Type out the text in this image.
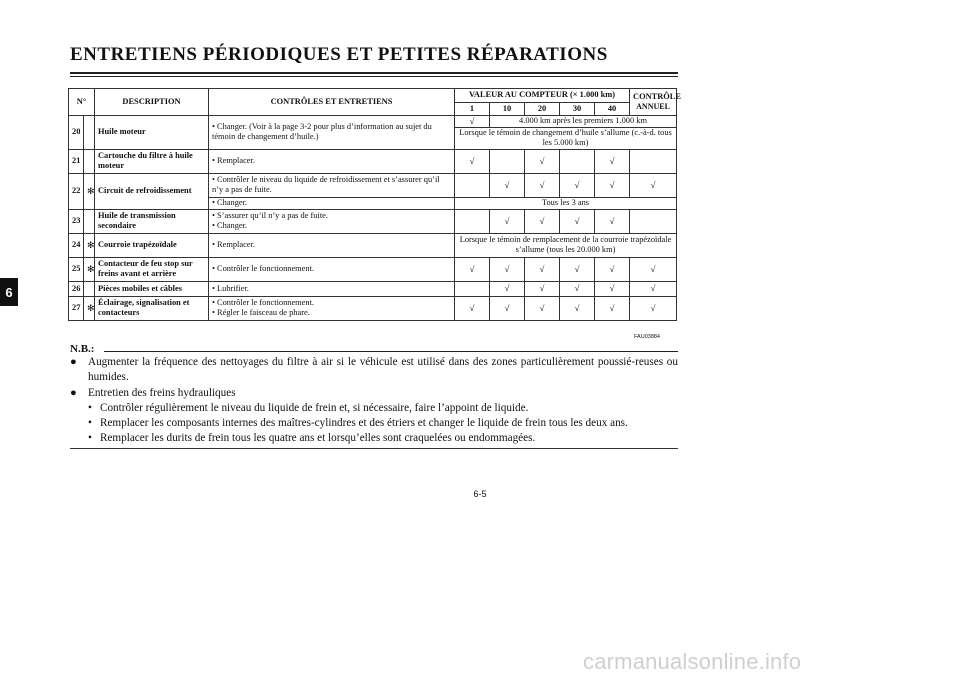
ENTRETIENS PÉRIODIQUES ET PETITES RÉPARATIONS
6
N°		DESCRIPTION	CONTRÔLES ET ENTRETIENS	VALEUR AU COMPTEUR (× 1.000 km)					CONTRÔLE
ANNUEL
				1	10	20	30	40	
20		Huile moteur	• Changer. (Voir à la page 3-2 pour plus d’information au sujet du témoin de changement d’huile.)	√	4.000 km après les premiers 1.000 km				
				Lorsque le témoin de changement d’huile s’allume (c.-à-d. tous les 5.000 km)					
21		Cartouche du filtre à huile moteur	• Remplacer.	√		√		√	
22	✻	Circuit de refroidissement	• Contrôler le niveau du liquide de refroidissement et s’assurer qu’il n’y a pas de fuite.		√	√	√	√	√
			• Changer.	Tous les 3 ans					
23		Huile de transmission secondaire	• S’assurer qu’il n’y a pas de fuite.
• Changer.		√	√	√	√	
24	✻	Courroie trapézoïdale	• Remplacer.	Lorsque le témoin de remplacement de la courroie trapézoïdale s’allume (tous les 20.000 km)					
25	✻	Contacteur de feu stop sur freins avant et arrière	• Contrôler le fonctionnement.	√	√	√	√	√	√
26		Pièces mobiles et câbles	• Lubrifier.		√	√	√	√	√
27	✻	Éclairage, signalisation et contacteurs	• Contrôler le fonctionnement.
• Régler le faisceau de phare.	√	√	√	√	√	√
FAU03884
N.B.:
●	Augmenter la fréquence des nettoyages du filtre à air si le véhicule est utilisé dans des zones particulièrement poussié-reuses ou humides.
●	Entretien des freins hydrauliques
• Contrôler régulièrement le niveau du liquide de frein et, si nécessaire, faire l’appoint de liquide.
• Remplacer les composants internes des maîtres-cylindres et des étriers et changer le liquide de frein tous les deux ans.
• Remplacer les durits de frein tous les quatre ans et lorsqu’elles sont craquelées ou endommagées.
6-5
carmanualsonline.info
